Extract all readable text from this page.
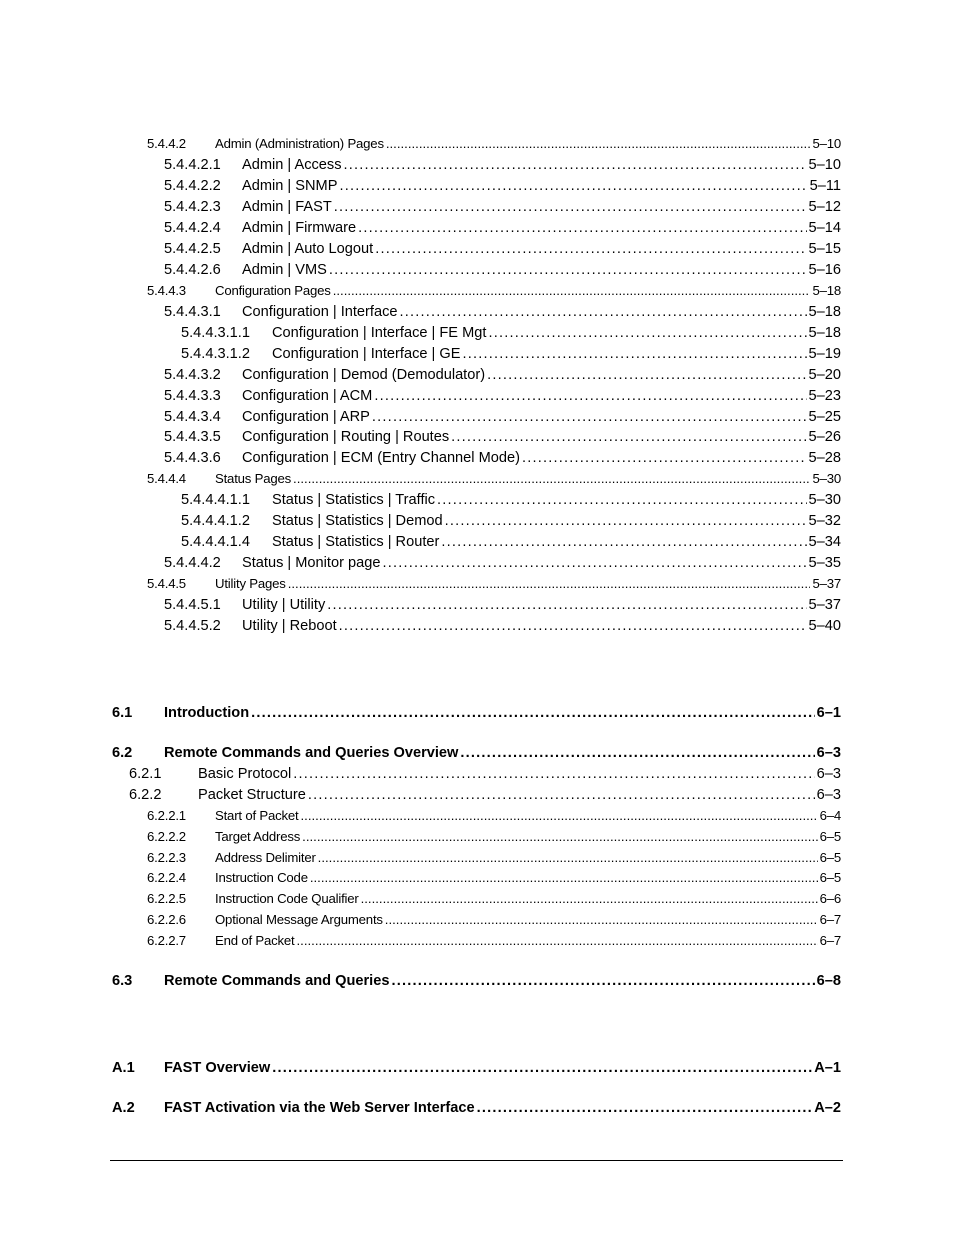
5.4.4.2	Admin (Administration) Pages .....	5–10
5.4.4.2.1	Admin | Access .....	5–10
5.4.4.2.2	Admin | SNMP .....	5–11
5.4.4.2.3	Admin | FAST .....	5–12
5.4.4.2.4	Admin | Firmware .....	5–14
5.4.4.2.5	Admin | Auto Logout .....	5–15
5.4.4.2.6	Admin | VMS .....	5–16
5.4.4.3	Configuration Pages .....	5–18
5.4.4.3.1	Configuration | Interface .....	5–18
5.4.4.3.1.1	Configuration | Interface | FE Mgt .....	5–18
5.4.4.3.1.2	Configuration | Interface | GE .....	5–19
5.4.4.3.2	Configuration | Demod (Demodulator) .....	5–20
5.4.4.3.3	Configuration | ACM .....	5–23
5.4.4.3.4	Configuration | ARP .....	5–25
5.4.4.3.5	Configuration | Routing | Routes .....	5–26
5.4.4.3.6	Configuration | ECM (Entry Channel Mode) .....	5–28
5.4.4.4	Status Pages .....	5–30
5.4.4.4.1.1	Status | Statistics | Traffic .....	5–30
5.4.4.4.1.2	Status | Statistics | Demod .....	5–32
5.4.4.4.1.4	Status | Statistics | Router .....	5–34
5.4.4.4.2	Status | Monitor page .....	5–35
5.4.4.5	Utility Pages .....	5–37
5.4.4.5.1	Utility | Utility .....	5–37
5.4.4.5.2	Utility | Reboot .....	5–40
6.1	Introduction .....	6–1
6.2	Remote Commands and Queries Overview .....	6–3
6.2.1	Basic Protocol .....	6–3
6.2.2	Packet Structure .....	6–3
6.2.2.1	Start of Packet .....	6–4
6.2.2.2	Target Address .....	6–5
6.2.2.3	Address Delimiter .....	6–5
6.2.2.4	Instruction Code .....	6–5
6.2.2.5	Instruction Code Qualifier .....	6–6
6.2.2.6	Optional Message Arguments .....	6–7
6.2.2.7	End of Packet .....	6–7
6.3	Remote Commands and Queries .....	6–8
A.1	FAST Overview .....	A–1
A.2	FAST Activation via the Web Server Interface .....	A–2
